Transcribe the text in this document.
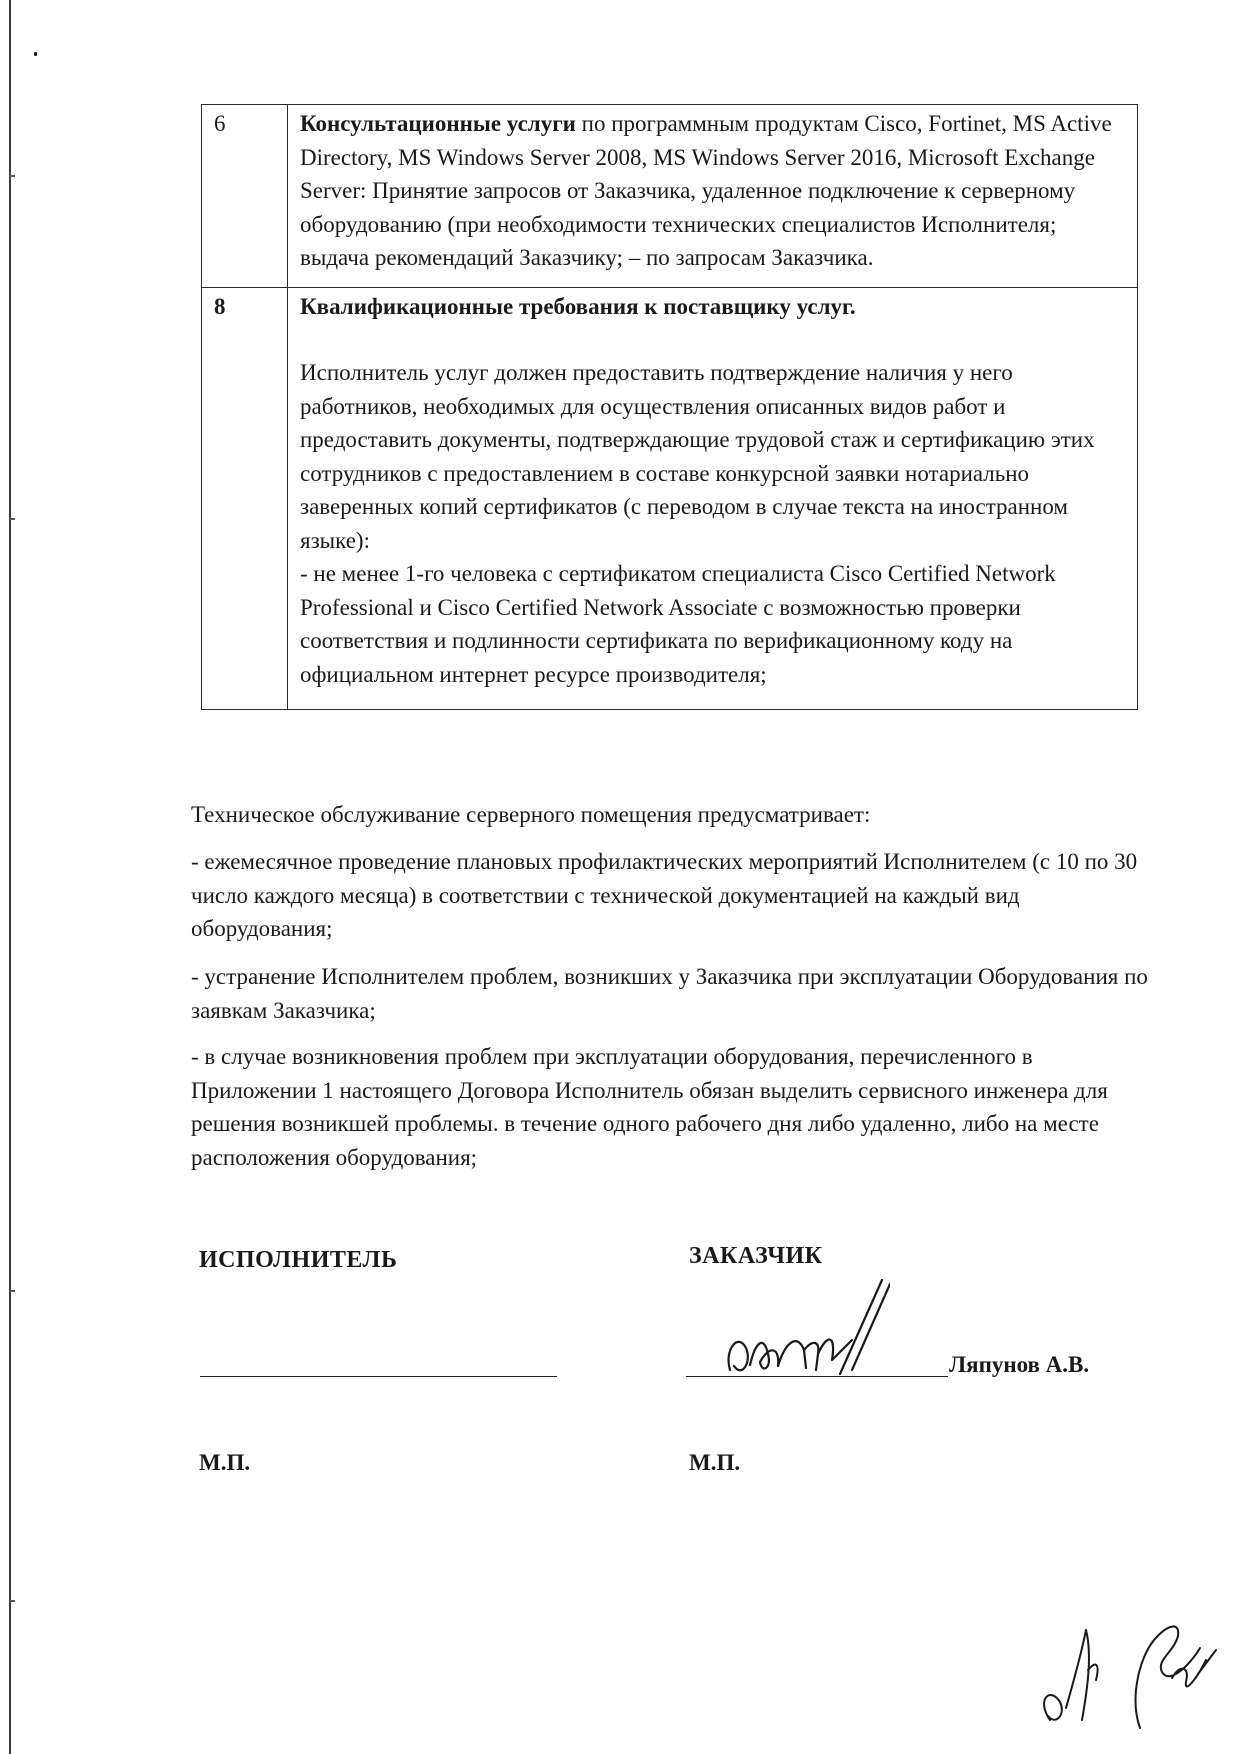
6	Консультационные услуги по программным продуктам Cisco, Fortinet, MS Active Directory, MS Windows Server 2008, MS Windows Server 2016, Microsoft Exchange Server: Принятие запросов от Заказчика, удаленное подключение к серверному оборудованию (при необходимости технических специалистов Исполнителя; выдача рекомендаций Заказчику; – по запросам Заказчика.
8	Квалификационные требования к поставщику услуг.
Исполнитель услуг должен предоставить подтверждение наличия у него работников, необходимых для осуществления описанных видов работ и предоставить документы, подтверждающие трудовой стаж и сертификацию этих сотрудников с предоставлением в составе конкурсной заявки нотариально заверенных копий сертификатов (с переводом в случае текста на иностранном языке):
- не менее 1-го человека с сертификатом специалиста Cisco Certified Network Professional и Cisco Certified Network Associate с возможностью проверки соответствия и подлинности сертификата по верификационному коду на официальном интернет ресурсе производителя;

Техническое обслуживание серверного помещения предусматривает:

- ежемесячное проведение плановых профилактических мероприятий Исполнителем (с 10 по 30 число каждого месяца) в соответствии с технической документацией на каждый вид оборудования;

- устранение Исполнителем проблем, возникших у Заказчика при эксплуатации Оборудования по заявкам Заказчика;

- в случае возникновения проблем при эксплуатации оборудования, перечисленного в Приложении 1 настоящего Договора Исполнитель обязан выделить сервисного инженера для решения возникшей проблемы. в течение одного рабочего дня либо удаленно, либо на месте расположения оборудования;

ИСПОЛНИТЕЛЬ	ЗАКАЗЧИК
Ляпунов А.В.
М.П.	М.П.
